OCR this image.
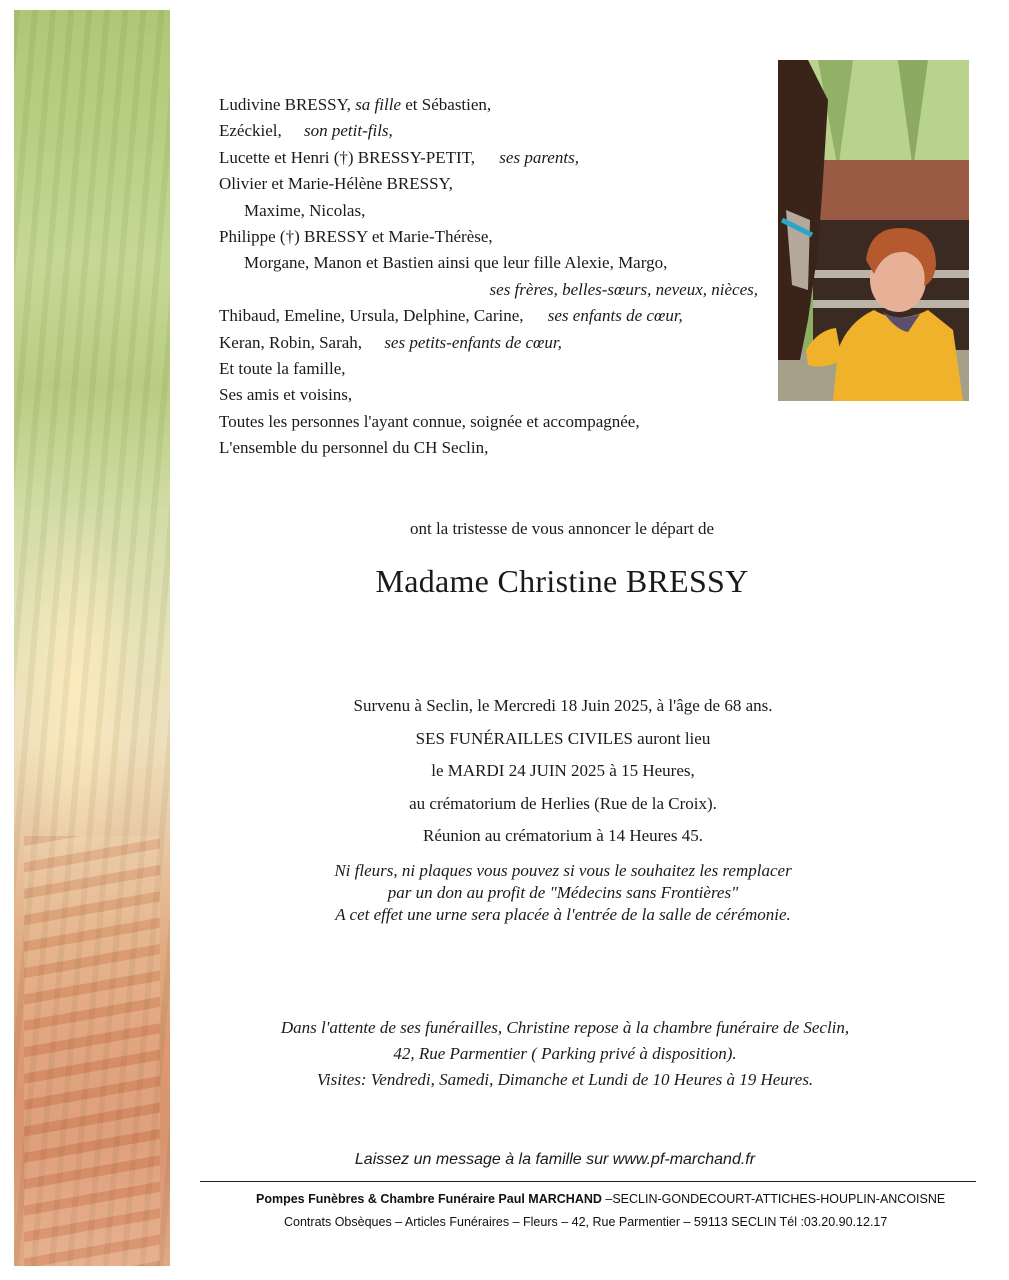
Ludivine BRESSY, sa fille et Sébastien,
Ezéckiel, son petit-fils,
Lucette et Henri (†) BRESSY-PETIT, ses parents,
Olivier et Marie-Hélène BRESSY,
Maxime, Nicolas,
Philippe (†) BRESSY et Marie-Thérèse,
Morgane, Manon et Bastien ainsi que leur fille Alexie, Margo,
ses frères, belles-sœurs, neveux, nièces,
Thibaud, Emeline, Ursula, Delphine, Carine, ses enfants de cœur,
Keran, Robin, Sarah, ses petits-enfants de cœur,
Et toute la famille,
Ses amis et voisins,
Toutes les personnes l'ayant connue, soignée et accompagnée,
L'ensemble du personnel du CH Seclin,
ont la tristesse de vous annoncer le départ de
Madame Christine BRESSY
Survenu à Seclin, le Mercredi 18 Juin 2025, à l'âge de 68 ans.
SES FUNÉRAILLES CIVILES auront lieu
le MARDI 24 JUIN 2025 à 15 Heures,
au crématorium de Herlies (Rue de la Croix).
Réunion au crématorium à 14 Heures 45.
Ni fleurs, ni plaques vous pouvez si vous le souhaitez les remplacer
par un don au profit de "Médecins sans Frontières"
A cet effet une urne sera placée à l'entrée de la salle de cérémonie.
Dans l'attente de ses funérailles, Christine repose à la chambre funéraire de Seclin,
42, Rue Parmentier ( Parking privé à disposition).
Visites: Vendredi, Samedi, Dimanche et Lundi de 10 Heures à 19 Heures.
Laissez un message à la famille sur www.pf-marchand.fr
Pompes Funèbres & Chambre Funéraire Paul MARCHAND –SECLIN-GONDECOURT-ATTICHES-HOUPLIN-ANCOISNE
Contrats Obsèques – Articles Funéraires – Fleurs – 42, Rue Parmentier – 59113 SECLIN Tél :03.20.90.12.17
